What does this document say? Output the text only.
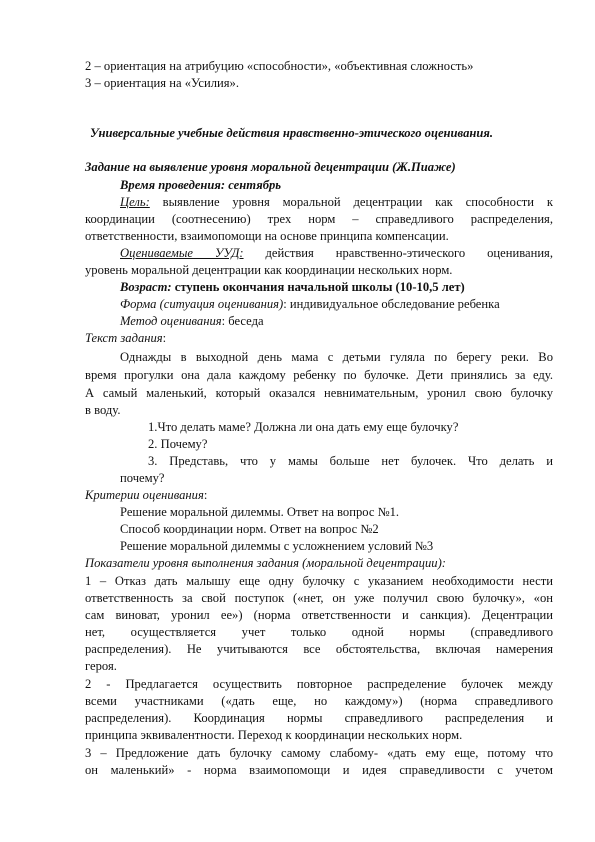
2 – ориентация на атрибуцию «способности», «объективная сложность»
3 – ориентация на «Усилия».
Универсальные учебные действия нравственно-этического оценивания.
Задание на выявление уровня моральной децентрации (Ж.Пиаже)
Время проведения: сентябрь
Цель: выявление уровня моральной децентрации как способности к
координации (соотнесению) трех норм – справедливого распределения,
ответственности, взаимопомощи на основе принципа компенсации.
Оцениваемые УУД: действия нравственно-этического оценивания,
уровень моральной децентрации как координации нескольких норм.
Возраст: ступень окончания начальной школы (10-10,5 лет)
Форма (ситуация оценивания): индивидуальное обследование ребенка
Метод оценивания: беседа
Текст задания:
Однажды в выходной день мама с детьми гуляла по берегу реки. Во
время прогулки она дала каждому ребенку по булочке. Дети принялись за еду.
А самый маленький, который оказался невнимательным, уронил свою булочку
в воду.
1.Что делать маме? Должна ли она дать ему еще булочку?
2. Почему?
3. Представь, что у мамы больше нет булочек. Что делать и
почему?
Критерии оценивания:
Решение моральной дилеммы. Ответ на вопрос №1.
Способ координации норм. Ответ на вопрос №2
Решение моральной дилеммы с усложнением условий №3
Показатели уровня выполнения задания (моральной децентрации):
1 – Отказ дать малышу еще одну булочку с указанием необходимости нести
ответственность за свой поступок («нет, он уже получил свою булочку», «он
сам виноват, уронил ее») (норма ответственности и санкция). Децентрации
нет, осуществляется учет только одной нормы (справедливого
распределения). Не учитываются все обстоятельства, включая намерения
героя.
2 - Предлагается осуществить повторное распределение булочек между
всеми участниками («дать еще, но каждому») (норма справедливого
распределения). Координация нормы справедливого распределения и
принципа эквивалентности. Переход к координации нескольких норм.
3 – Предложение дать булочку самому слабому- «дать ему еще, потому что
он маленький» - норма взаимопомощи и идея справедливости с учетом
